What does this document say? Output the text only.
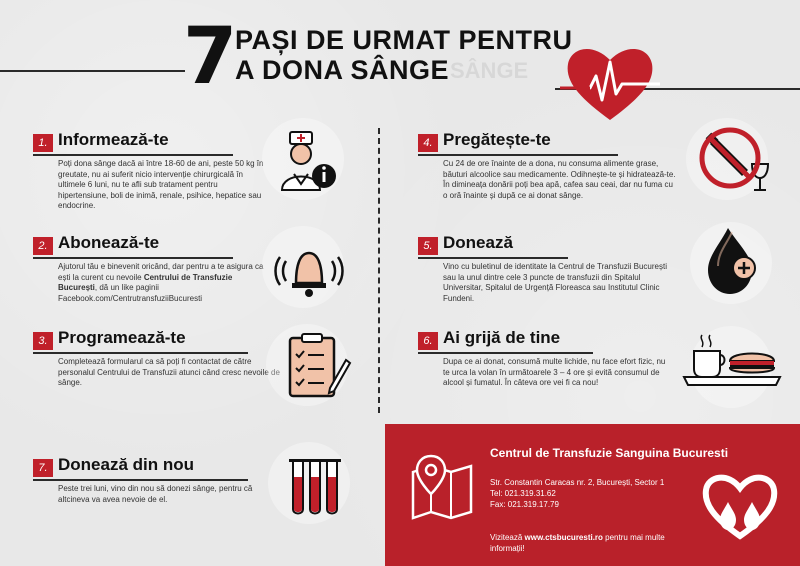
7
PAȘI DE URMAT PENTRU
A DONA SÂNGE SÂNGE
1. Informează-te
Poți dona sânge dacă ai între 18-60 de ani, peste 50 kg în greutate, nu ai suferit nicio intervenție chirurgicală în ultimele 6 luni, nu te afli sub tratament pentru hipertensiune, boli de inimă, renale, psihice, hepatice sau endocrine.
2. Abonează-te
Ajutorul tău e binevenit oricând, dar pentru a te asigura ca ești la curent cu nevoile Centrului de Transfuzie București, dă un like paginii Facebook.com/CentrutransfuziiBucuresti
3. Programează-te
Completează formularul ca să poți fi contactat de către personalul Centrului de Transfuzii atunci când cresc nevoile de sânge.
4. Pregătește-te
Cu 24 de ore înainte de a dona, nu consuma alimente grase, băuturi alcoolice sau medicamente. Odihnește-te și hidratează-te. În dimineața donării poți bea apă, cafea sau ceai, dar nu fuma cu o oră înainte și după ce ai donat sânge.
5. Donează
Vino cu buletinul de identitate la Centrul de Transfuzii București sau la unul dintre cele 3 puncte de transfuzii din Spitalul Universitar, Spitalul de Urgență Floreasca sau Institutul Clinic Fundeni.
6. Ai grijă de tine
Dupa ce ai donat, consumă multe lichide, nu face efort fizic, nu te urca la volan în următoarele 3 – 4 ore și evită consumul de alcool și fumatul. În câteva ore vei fi ca nou!
7. Donează din nou
Peste trei luni, vino din nou să donezi sânge, pentru că altcineva va avea nevoie de el.
Centrul de Transfuzie Sanguina Bucuresti
Str. Constantin Caracas nr. 2, București, Sector 1
Tel: 021.319.31.62
Fax: 021.319.17.79
Vizitează www.ctsbucuresti.ro pentru mai multe informații!
